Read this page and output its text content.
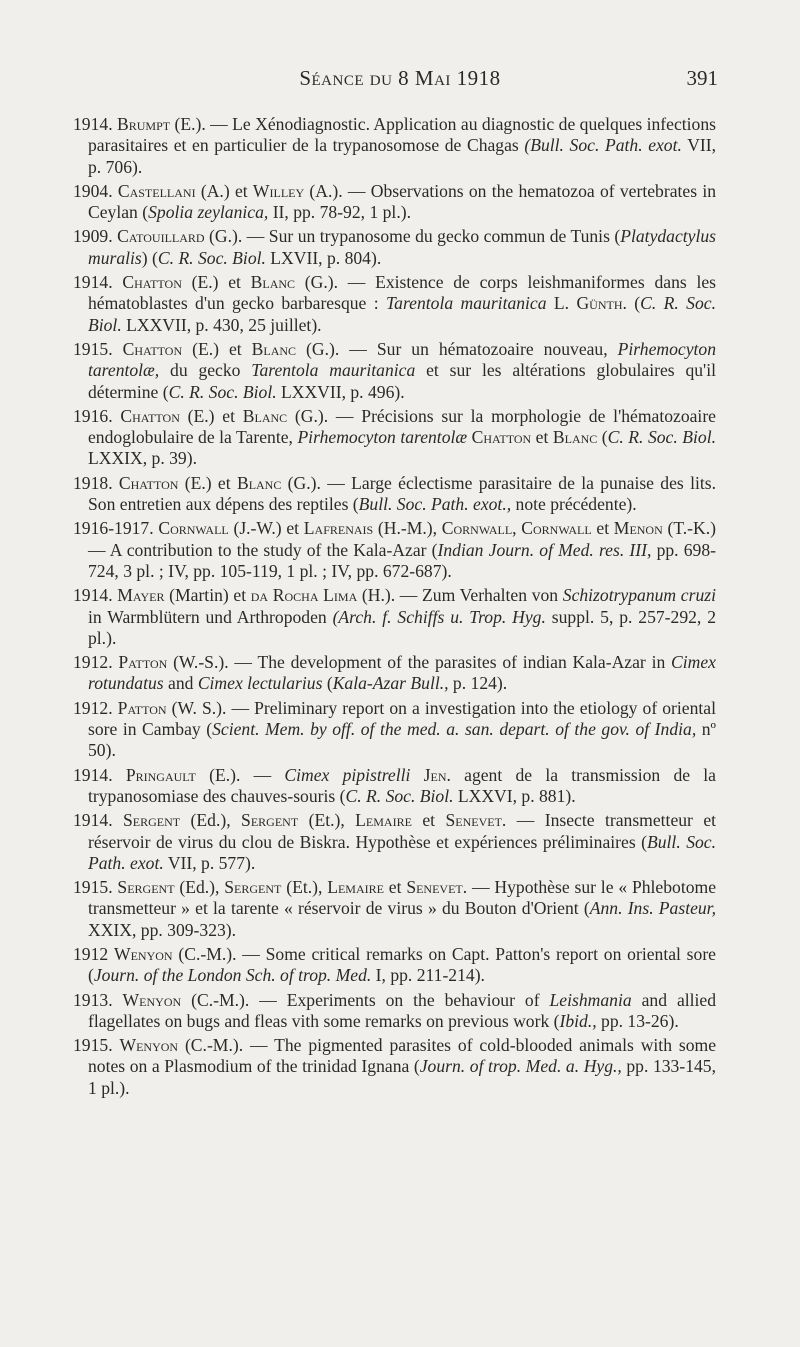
Séance du 8 Mai 1918	391

1914. Brumpt (E.). — Le Xénodiagnostic. Application au diagnostic de quelques infections parasitaires et en particulier de la trypanosomose de Chagas (Bull. Soc. Path. exot. VII, p. 706).

1904. Castellani (A.) et Willey (A.). — Observations on the hematozoa of vertebrates in Ceylan (Spolia zeylanica, II, pp. 78-92, 1 pl.).

1909. Catouillard (G.). — Sur un trypanosome du gecko commun de Tunis (Platydactylus muralis) (C. R. Soc. Biol. LXVII, p. 804).

1914. Chatton (E.) et Blanc (G.). — Existence de corps leishmaniformes dans les hématoblastes d'un gecko barbaresque : Tarentola mauritanica L. Günth. (C. R. Soc. Biol. LXXVII, p. 430, 25 juillet).

1915. Chatton (E.) et Blanc (G.). — Sur un hématozoaire nouveau, Pirhemocyton tarentolæ, du gecko Tarentola mauritanica et sur les altérations globulaires qu'il détermine (C. R. Soc. Biol. LXXVII, p. 496).

1916. Chatton (E.) et Blanc (G.). — Précisions sur la morphologie de l'hématozoaire endoglobulaire de la Tarente, Pirhemocyton tarentolæ Chatton et Blanc (C. R. Soc. Biol. LXXIX, p. 39).

1918. Chatton (E.) et Blanc (G.). — Large éclectisme parasitaire de la punaise des lits. Son entretien aux dépens des reptiles (Bull. Soc. Path. exot., note précédente).

1916-1917. Cornwall (J.-W.) et Lafrenais (H.-M.), Cornwall, Cornwall et Menon (T.-K.) — A contribution to the study of the Kala-Azar (Indian Journ. of Med. res. III, pp. 698-724, 3 pl. ; IV, pp. 105-119, 1 pl. ; IV, pp. 672-687).

1914. Mayer (Martin) et da Rocha Lima (H.). — Zum Verhalten von Schizotrypanum cruzi in Warmblütern und Arthropoden (Arch. f. Schiffs u. Trop. Hyg. suppl. 5, p. 257-292, 2 pl.).

1912. Patton (W.-S.). — The development of the parasites of indian Kala-Azar in Cimex rotundatus and Cimex lectularius (Kala-Azar Bull., p. 124).

1912. Patton (W. S.). — Preliminary report on a investigation into the etiology of oriental sore in Cambay (Scient. Mem. by off. of the med. a. san. depart. of the gov. of India, nº 50).

1914. Pringault (E.). — Cimex pipistrelli Jen. agent de la transmission de la trypanosomiase des chauves-souris (C. R. Soc. Biol. LXXVI, p. 881).

1914. Sergent (Ed.), Sergent (Et.), Lemaire et Senevet. — Insecte transmetteur et réservoir de virus du clou de Biskra. Hypothèse et expériences préliminaires (Bull. Soc. Path. exot. VII, p. 577).

1915. Sergent (Ed.), Sergent (Et.), Lemaire et Senevet. — Hypothèse sur le « Phlebotome transmetteur » et la tarente « réservoir de virus » du Bouton d'Orient (Ann. Ins. Pasteur, XXIX, pp. 309-323).

1912 Wenyon (C.-M.). — Some critical remarks on Capt. Patton's report on oriental sore (Journ. of the London Sch. of trop. Med. I, pp. 211-214).

1913. Wenyon (C.-M.). — Experiments on the behaviour of Leishmania and allied flagellates on bugs and fleas vith some remarks on previous work (Ibid., pp. 13-26).

1915. Wenyon (C.-M.). — The pigmented parasites of cold-blooded animals with some notes on a Plasmodium of the trinidad Ignana (Journ. of trop. Med. a. Hyg., pp. 133-145, 1 pl.).
